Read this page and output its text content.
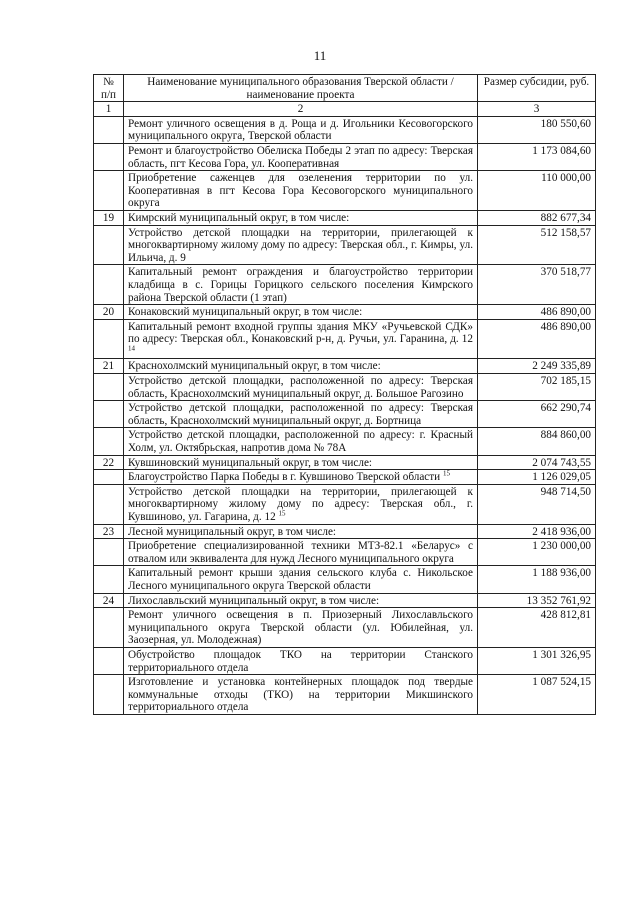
11
№ п/п	Наименование муниципального образования Тверской области / наименование проекта	Размер субсидии, руб.
1	2	3
	Ремонт уличного освещения в д. Роща и д. Игольники Кесовогорского муниципального округа, Тверской области	180 550,60
	Ремонт и благоустройство Обелиска Победы 2 этап по адресу: Тверская область, пгт Кесова Гора, ул. Кооперативная	1 173 084,60
	Приобретение саженцев для озеленения территории по ул. Кооперативная в пгт Кесова Гора Кесовогорского муниципального округа	110 000,00
19	Кимрский муниципальный округ, в том числе:	882 677,34
	Устройство детской площадки на территории, прилегающей к многоквартирному жилому дому по адресу: Тверская обл., г. Кимры, ул. Ильича, д. 9	512 158,57
	Капитальный ремонт ограждения и благоустройство территории кладбища в с. Горицы Горицкого сельского поселения Кимрского района Тверской области (1 этап)	370 518,77
20	Конаковский муниципальный округ, в том числе:	486 890,00
	Капитальный ремонт входной группы здания МКУ «Ручьевской СДК» по адресу: Тверская обл., Конаковский р-н, д. Ручьи, ул. Гаранина, д. 12 $^{14}$	486 890,00
21	Краснохолмский муниципальный округ, в том числе:	2 249 335,89
	Устройство детской площадки, расположенной по адресу: Тверская область, Краснохолмский муниципальный округ, д. Большое Рагозино	702 185,15
	Устройство детской площадки, расположенной по адресу: Тверская область, Краснохолмский муниципальный округ, д. Бортница	662 290,74
	Устройство детской площадки, расположенной по адресу: г. Красный Холм, ул. Октябрьская, напротив дома № 78А	884 860,00
22	Кувшиновский муниципальный округ, в том числе:	2 074 743,55
	Благоустройство Парка Победы в г. Кувшиново Тверской области $^{15}$	1 126 029,05
	Устройство детской площадки на территории, прилегающей к многоквартирному жилому дому по адресу: Тверская обл., г. Кувшиново, ул. Гагарина, д. 12 $^{15}$	948 714,50
23	Лесной муниципальный округ, в том числе:	2 418 936,00
	Приобретение специализированной техники МТЗ-82.1 «Беларус» с отвалом или эквивалента для нужд Лесного муниципального округа	1 230 000,00
	Капитальный ремонт крыши здания сельского клуба с. Никольское Лесного муниципального округа Тверской области	1 188 936,00
24	Лихославльский муниципальный округ, в том числе:	13 352 761,92
	Ремонт уличного освещения в п. Приозерный Лихославльского муниципального округа Тверской области (ул. Юбилейная, ул. Заозерная, ул. Молодежная)	428 812,81
	Обустройство площадок ТКО на территории Станского территориального отдела	1 301 326,95
	Изготовление и установка контейнерных площадок под твердые коммунальные отходы (ТКО) на территории Микшинского территориального отдела	1 087 524,15
